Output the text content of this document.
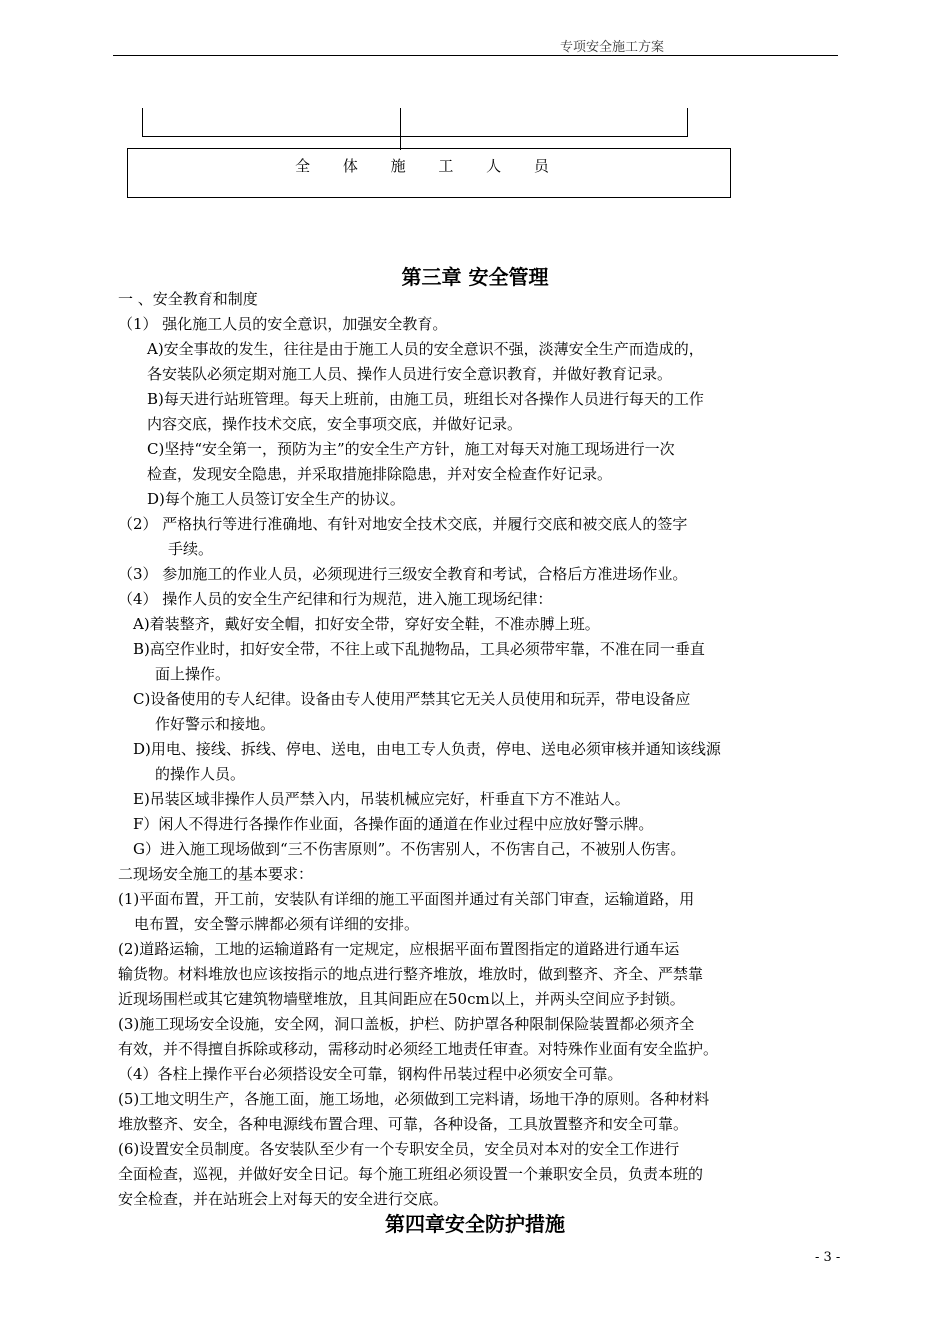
专项安全施工方案
全 体 施 工 人 员
第三章 安全管理
一 、安全教育和制度
（1） 强化施工人员的安全意识，加强安全教育。
A)安全事故的发生，往往是由于施工人员的安全意识不强，淡薄安全生产而造成的，
各安装队必须定期对施工人员、操作人员进行安全意识教育，并做好教育记录。
B)每天进行站班管理。每天上班前，由施工员，班组长对各操作人员进行每天的工作
内容交底，操作技术交底，安全事项交底，并做好记录。
C)坚持“安全第一，预防为主”的安全生产方针，施工对每天对施工现场进行一次
检查，发现安全隐患，并采取措施排除隐患，并对安全检查作好记录。
D)每个施工人员签订安全生产的协议。
（2） 严格执行等进行准确地、有针对地安全技术交底，并履行交底和被交底人的签字
手续。
（3） 参加施工的作业人员，必须现进行三级安全教育和考试，合格后方准进场作业。
（4） 操作人员的安全生产纪律和行为规范，进入施工现场纪律：
A)着装整齐，戴好安全帽，扣好安全带，穿好安全鞋，不准赤膊上班。
B)高空作业时，扣好安全带，不往上或下乱抛物品，工具必须带牢靠，不准在同一垂直
面上操作。
C)设备使用的专人纪律。设备由专人使用严禁其它无关人员使用和玩弄，带电设备应
作好警示和接地。
D)用电、接线、拆线、停电、送电，由电工专人负责，停电、送电必须审核并通知该线源
的操作人员。
E)吊装区域非操作人员严禁入内，吊装机械应完好，杆垂直下方不准站人。
F）闲人不得进行各操作作业面，各操作面的通道在作业过程中应放好警示牌。
G）进入施工现场做到“三不伤害原则”。不伤害别人，不伤害自己，不被别人伤害。
二现场安全施工的基本要求：
(1)平面布置，开工前，安装队有详细的施工平面图并通过有关部门审查，运输道路，用
电布置，安全警示牌都必须有详细的安排。
(2)道路运输，工地的运输道路有一定规定，应根据平面布置图指定的道路进行通车运
输货物。材料堆放也应该按指示的地点进行整齐堆放，堆放时，做到整齐、齐全、严禁靠
近现场围栏或其它建筑物墙壁堆放，且其间距应在50cm以上，并两头空间应予封锁。
(3)施工现场安全设施，安全网，洞口盖板，护栏、防护罩各种限制保险装置都必须齐全
有效，并不得擅自拆除或移动，需移动时必须经工地责任审查。对特殊作业面有安全监护。
（4）各柱上操作平台必须搭设安全可靠，钢构件吊装过程中必须安全可靠。
(5)工地文明生产，各施工面，施工场地，必须做到工完料请，场地干净的原则。各种材料
堆放整齐、安全，各种电源线布置合理、可靠，各种设备，工具放置整齐和安全可靠。
(6)设置安全员制度。各安装队至少有一个专职安全员，安全员对本对的安全工作进行
全面检查，巡视，并做好安全日记。每个施工班组必须设置一个兼职安全员，负责本班的
安全检查，并在站班会上对每天的安全进行交底。
第四章安全防护措施
- 3 -
